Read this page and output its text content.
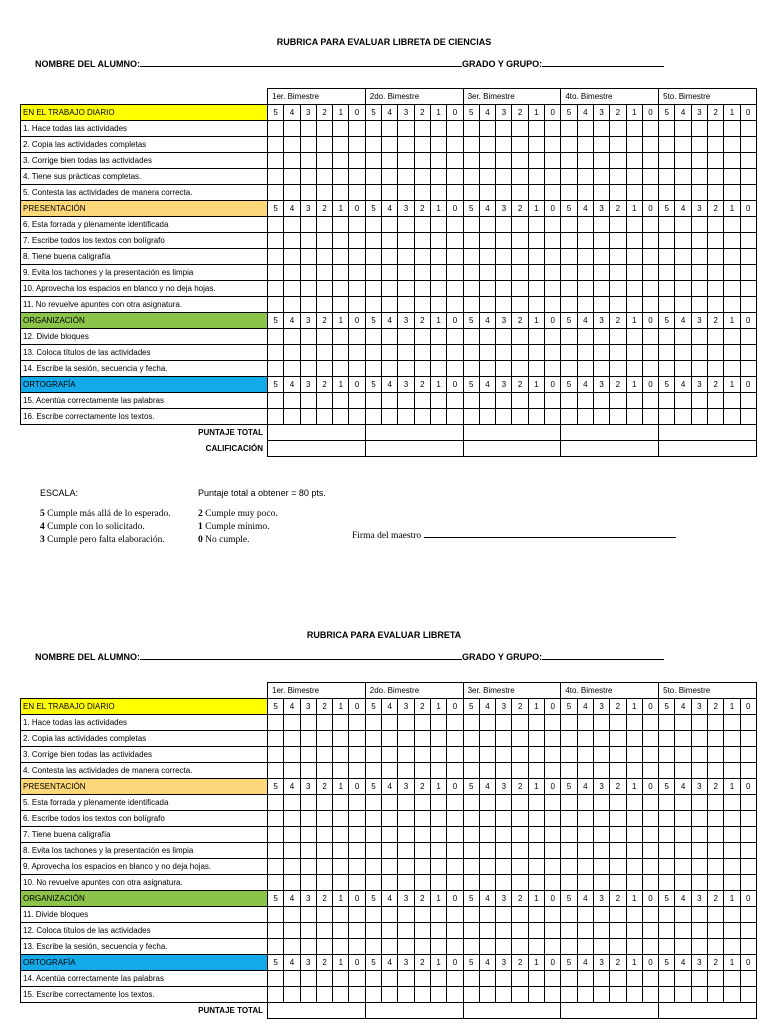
RUBRICA PARA EVALUAR LIBRETA DE CIENCIAS
NOMBRE DEL ALUMNO:	GRADO Y GRUPO:
	1er. Bimestre						2do. Bimestre						3er. Bimestre						4to. Bimestre						5to. Bimestre					
EN EL TRABAJO DIARIO	5	4	3	2	1	0	5	4	3	2	1	0	5	4	3	2	1	0	5	4	3	2	1	0	5	4	3	2	1	0
1. Hace todas las actividades																														
2. Copia las actividades completas																														
3. Corrige bien todas las actividades																														
4. Tiene sus prácticas completas.																														
5. Contesta las actividades de manera correcta.																														
PRESENTACIÓN	5	4	3	2	1	0	5	4	3	2	1	0	5	4	3	2	1	0	5	4	3	2	1	0	5	4	3	2	1	0
6. Esta forrada y plenamente identificada																														
7. Escribe todos los textos con bolígrafo																														
8. Tiene buena caligrafía																														
9. Evita los tachones y la presentación es limpia																														
10. Aprovecha los espacios en blanco y no deja hojas.																														
11. No revuelve apuntes con otra asignatura.																														
ORGANIZACIÓN	5	4	3	2	1	0	5	4	3	2	1	0	5	4	3	2	1	0	5	4	3	2	1	0	5	4	3	2	1	0
12. Divide bloques																														
13. Coloca títulos de las actividades																														
14. Escribe la sesión, secuencia y fecha.																														
ORTOGRAFÍA	5	4	3	2	1	0	5	4	3	2	1	0	5	4	3	2	1	0	5	4	3	2	1	0	5	4	3	2	1	0
15. Acentúa correctamente las palabras																														
16. Escribe correctamente los textos.																														
PUNTAJE TOTAL																														
CALIFICACIÓN																														
ESCALA:	Puntaje total a obtener = 80 pts.
5 Cumple más allá de lo esperado.
4 Cumple con lo solicitado.
3 Cumple pero falta elaboración.
2 Cumple muy poco.
1 Cumple mínimo.
0 No cumple.	Firma del maestro
RUBRICA PARA EVALUAR LIBRETA
NOMBRE DEL ALUMNO:	GRADO Y GRUPO:
	1er. Bimestre						2do. Bimestre						3er. Bimestre						4to. Bimestre						5to. Bimestre					
EN EL TRABAJO DIARIO	5	4	3	2	1	0	5	4	3	2	1	0	5	4	3	2	1	0	5	4	3	2	1	0	5	4	3	2	1	0
1. Hace todas las actividades																														
2. Copia las actividades completas																														
3. Corrige bien todas las actividades																														
4. Contesta las actividades de manera correcta.																														
PRESENTACIÓN	5	4	3	2	1	0	5	4	3	2	1	0	5	4	3	2	1	0	5	4	3	2	1	0	5	4	3	2	1	0
5. Esta forrada y plenamente identificada																														
6. Escribe todos los textos con bolígrafo																														
7. Tiene buena caligrafía																														
8. Evita los tachones y la presentación es limpia																														
9. Aprovecha los espacios en blanco y no deja hojas.																														
10. No revuelve apuntes con otra asignatura.																														
ORGANIZACIÓN	5	4	3	2	1	0	5	4	3	2	1	0	5	4	3	2	1	0	5	4	3	2	1	0	5	4	3	2	1	0
11. Divide bloques																														
12. Coloca títulos de las actividades																														
13. Escribe la sesión, secuencia y fecha.																														
ORTOGRAFÍA	5	4	3	2	1	0	5	4	3	2	1	0	5	4	3	2	1	0	5	4	3	2	1	0	5	4	3	2	1	0
14. Acentúa correctamente las palabras																														
15. Escribe correctamente los textos.																														
PUNTAJE TOTAL																														
